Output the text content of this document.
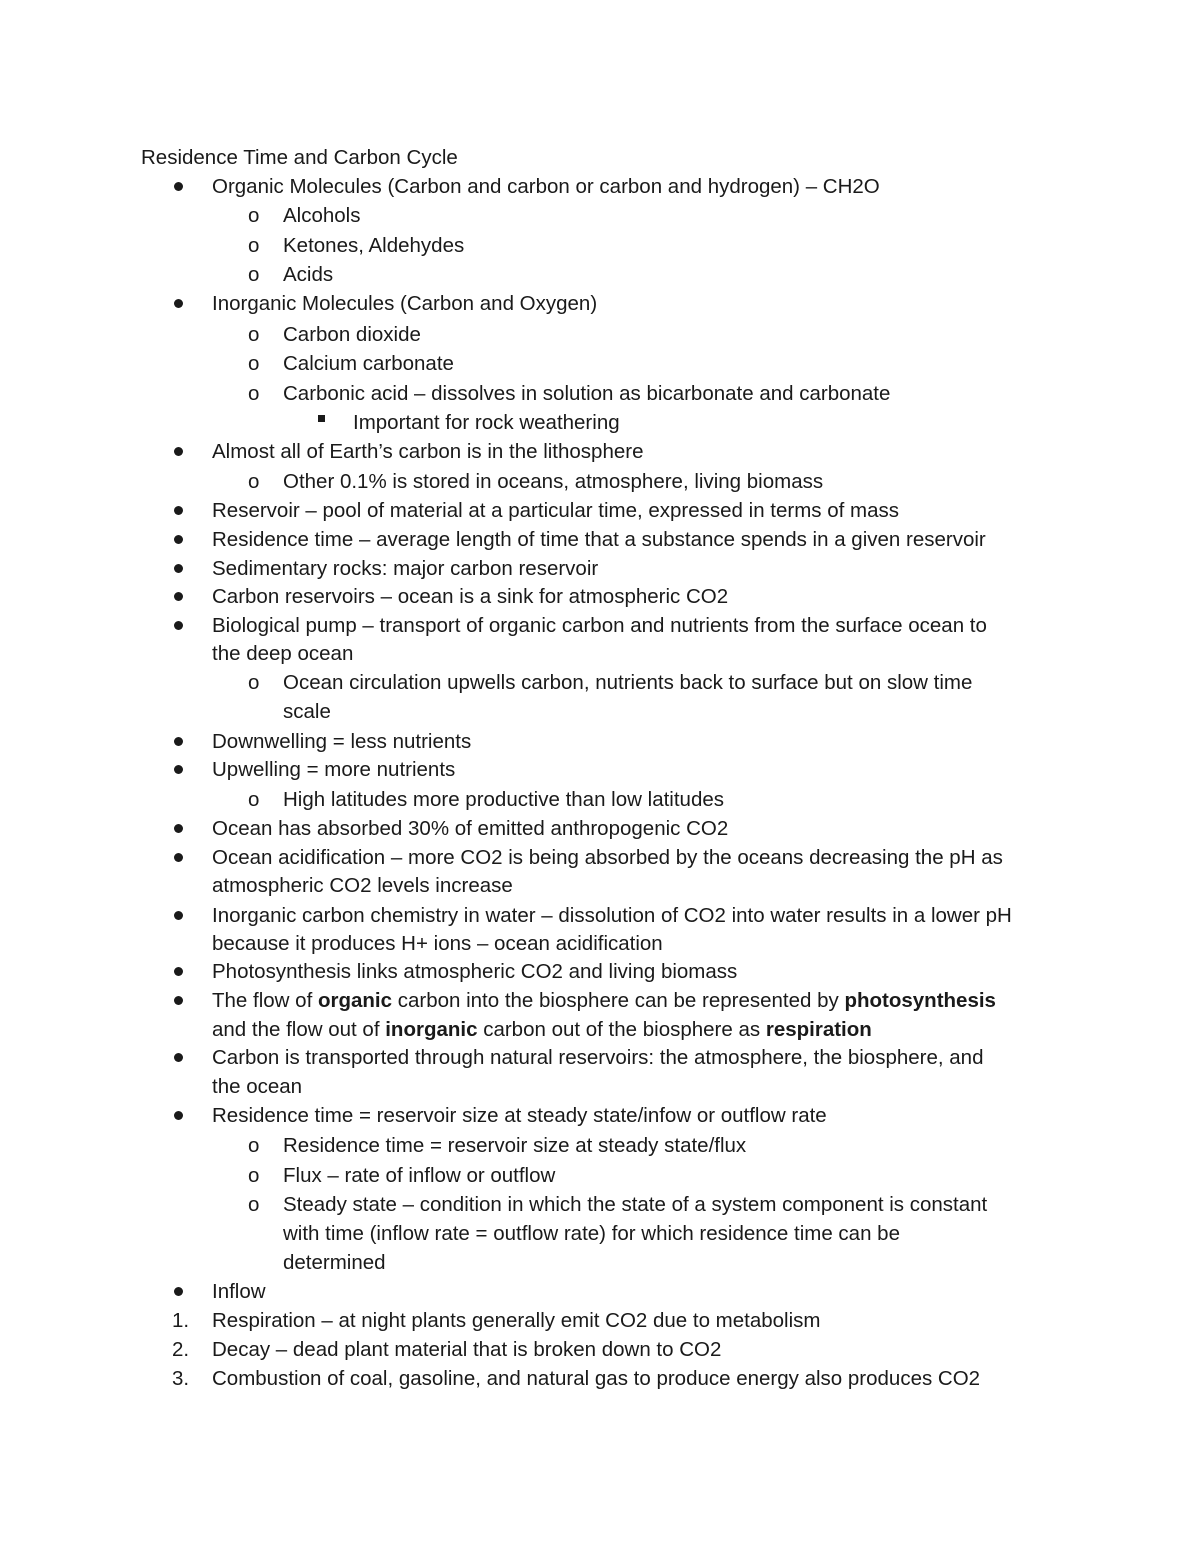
Residence Time and Carbon Cycle
Organic Molecules (Carbon and carbon or carbon and hydrogen) – CH2O
o Alcohols
o Ketones, Aldehydes
o Acids
Inorganic Molecules (Carbon and Oxygen)
o Carbon dioxide
o Calcium carbonate
o Carbonic acid – dissolves in solution as bicarbonate and carbonate
Important for rock weathering
Almost all of Earth’s carbon is in the lithosphere
o Other 0.1% is stored in oceans, atmosphere, living biomass
Reservoir – pool of material at a particular time, expressed in terms of mass
Residence time – average length of time that a substance spends in a given reservoir
Sedimentary rocks: major carbon reservoir
Carbon reservoirs – ocean is a sink for atmospheric CO2
Biological pump – transport of organic carbon and nutrients from the surface ocean to
the deep ocean
o Ocean circulation upwells carbon, nutrients back to surface but on slow time
scale
Downwelling = less nutrients
Upwelling = more nutrients
o High latitudes more productive than low latitudes
Ocean has absorbed 30% of emitted anthropogenic CO2
Ocean acidification – more CO2 is being absorbed by the oceans decreasing the pH as
atmospheric CO2 levels increase
Inorganic carbon chemistry in water – dissolution of CO2 into water results in a lower pH
because it produces H+ ions – ocean acidification
Photosynthesis links atmospheric CO2 and living biomass
The flow of organic carbon into the biosphere can be represented by photosynthesis
and the flow out of inorganic carbon out of the biosphere as respiration
Carbon is transported through natural reservoirs: the atmosphere, the biosphere, and
the ocean
Residence time = reservoir size at steady state/infow or outflow rate
o Residence time = reservoir size at steady state/flux
o Flux – rate of inflow or outflow
o Steady state – condition in which the state of a system component is constant
with time (inflow rate = outflow rate) for which residence time can be
determined
Inflow
1. Respiration – at night plants generally emit CO2 due to metabolism
2. Decay – dead plant material that is broken down to CO2
3. Combustion of coal, gasoline, and natural gas to produce energy also produces CO2
